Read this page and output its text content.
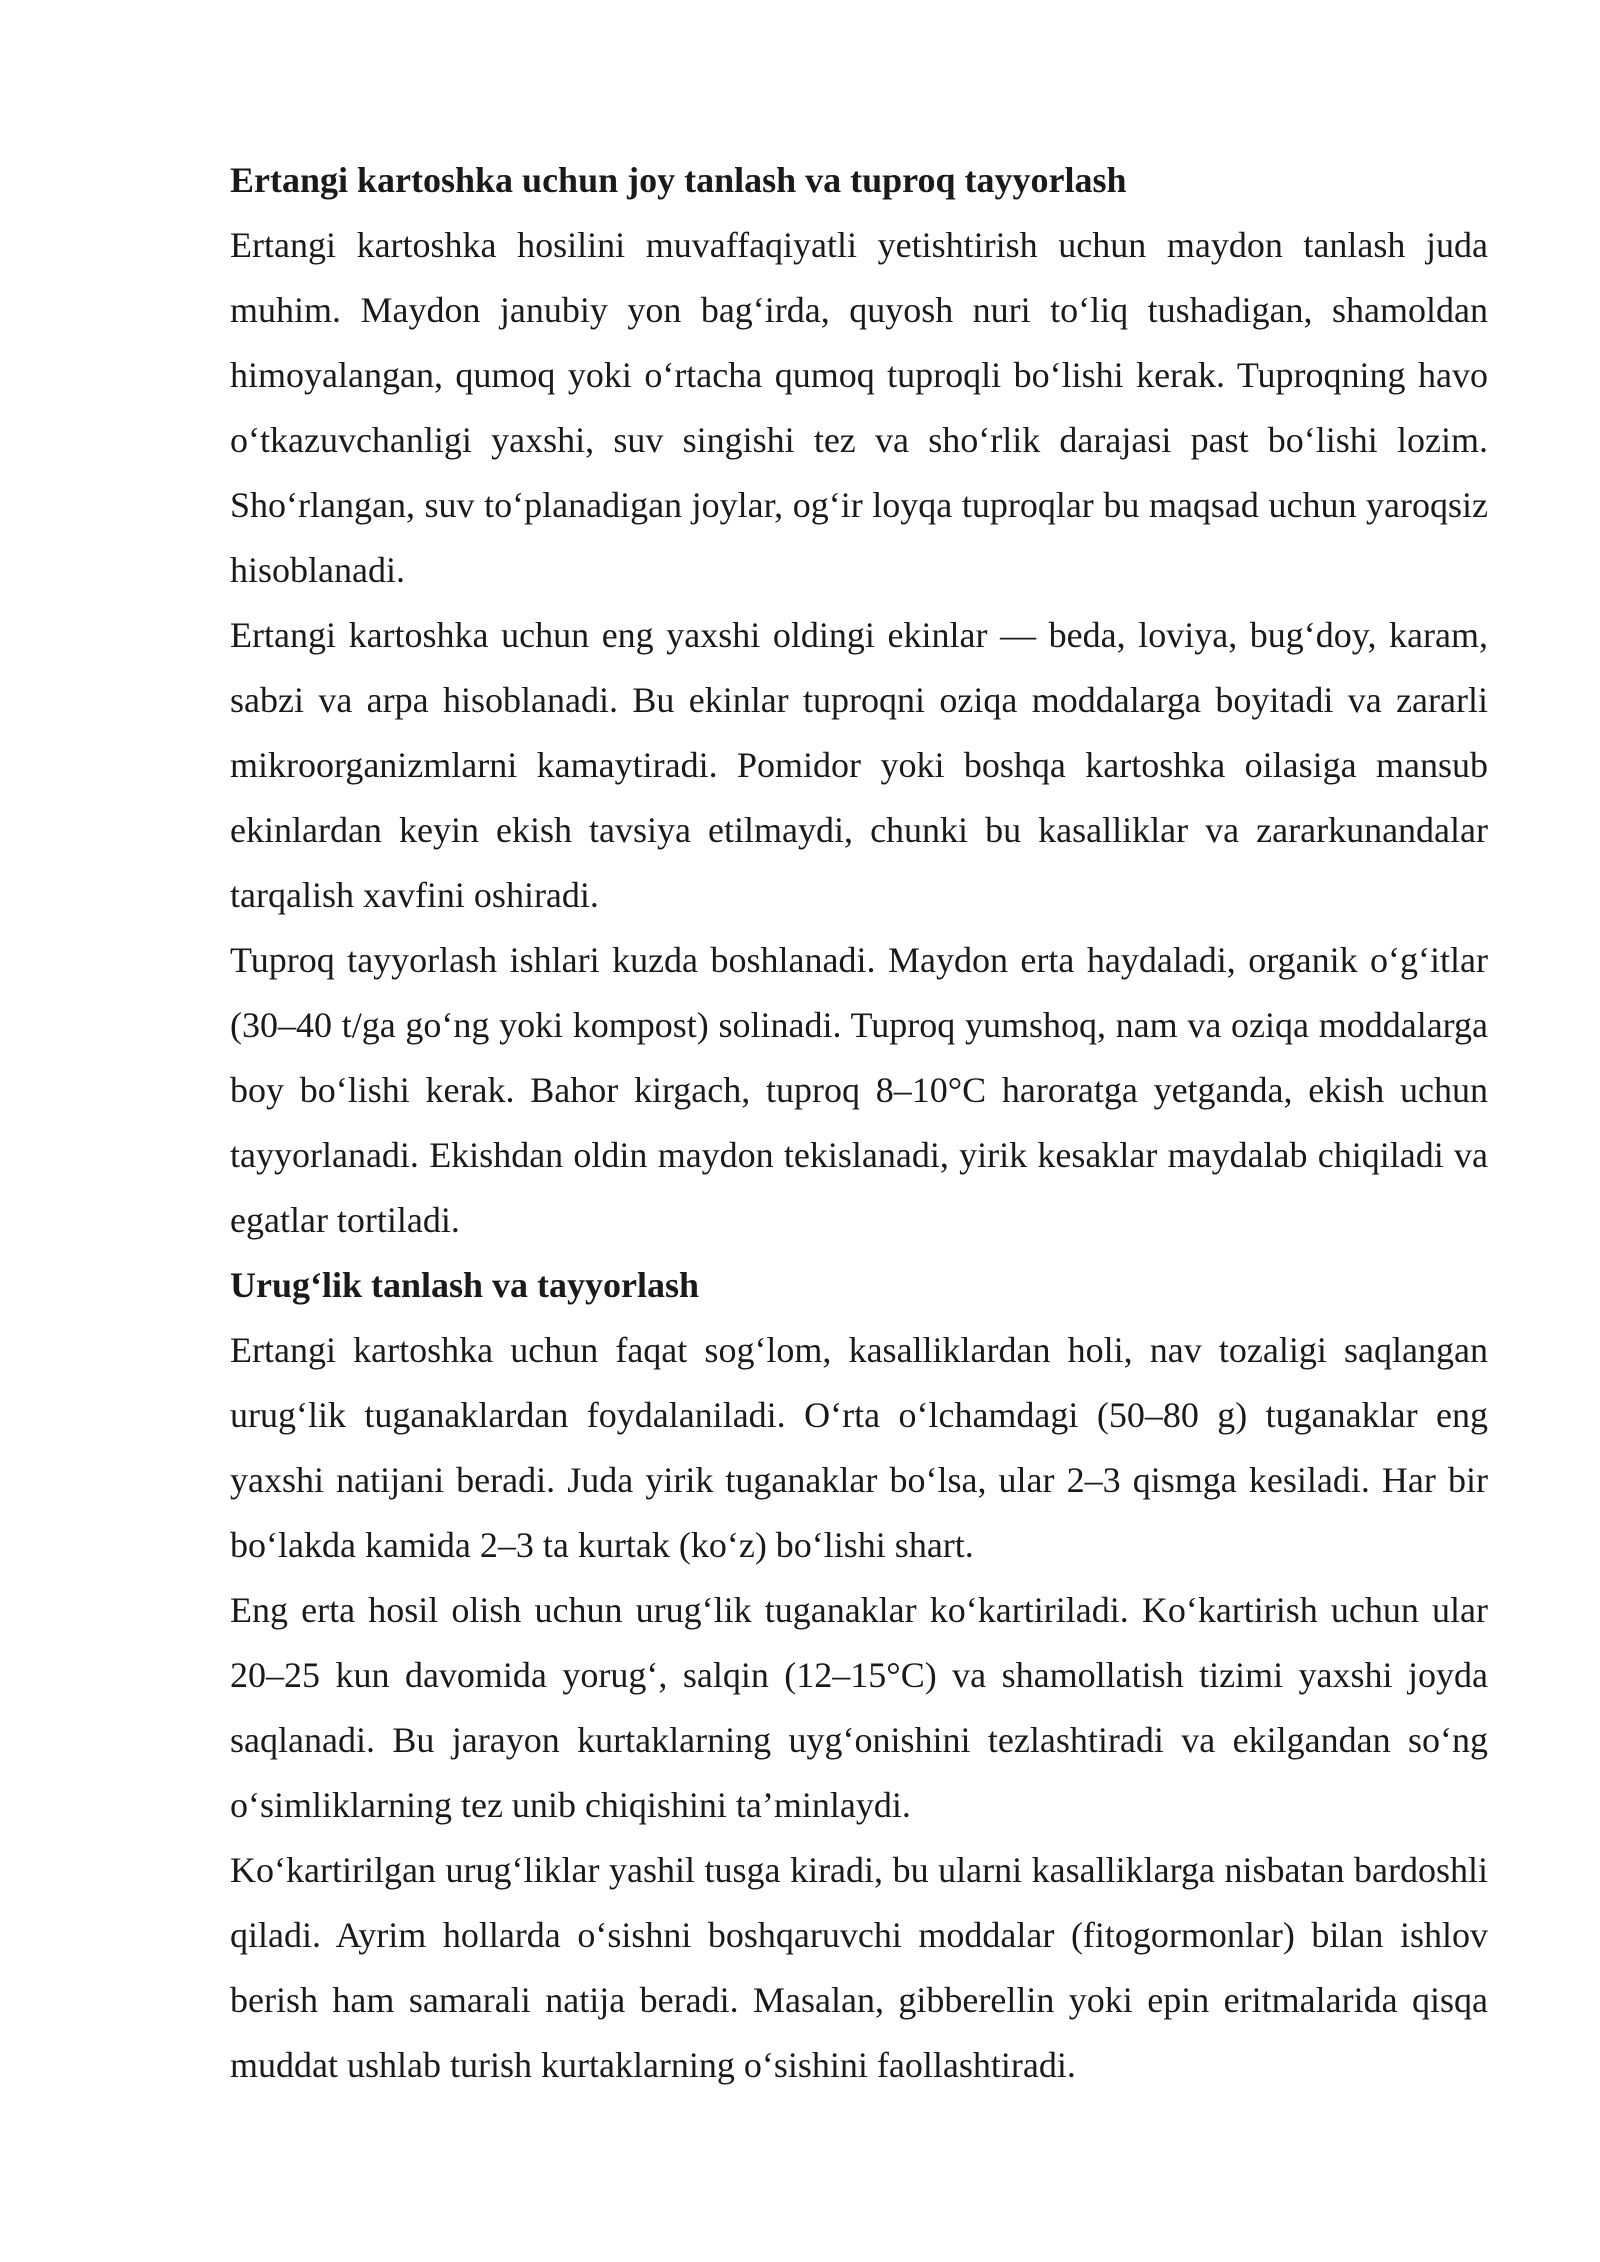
Ertangi kartoshka uchun joy tanlash va tuproq tayyorlash

Ertangi kartoshka hosilini muvaffaqiyatli yetishtirish uchun maydon tanlash juda muhim. Maydon janubiy yon bag‘irda, quyosh nuri to‘liq tushadigan, shamoldan himoyalangan, qumoq yoki o‘rtacha qumoq tuproqli bo‘lishi kerak. Tuproqning havo o‘tkazuvchanligi yaxshi, suv singishi tez va sho‘rlik darajasi past bo‘lishi lozim. Sho‘rlangan, suv to‘planadigan joylar, og‘ir loyqa tuproqlar bu maqsad uchun yaroqsiz hisoblanadi.

Ertangi kartoshka uchun eng yaxshi oldingi ekinlar — beda, loviya, bug‘doy, karam, sabzi va arpa hisoblanadi. Bu ekinlar tuproqni oziqa moddalarga boyitadi va zararli mikroorganizmlarni kamaytiradi. Pomidor yoki boshqa kartoshka oilasiga mansub ekinlardan keyin ekish tavsiya etilmaydi, chunki bu kasalliklar va zararkunandalar tarqalish xavfini oshiradi.

Tuproq tayyorlash ishlari kuzda boshlanadi. Maydon erta haydaladi, organik o‘g‘itlar (30–40 t/ga go‘ng yoki kompost) solinadi. Tuproq yumshoq, nam va oziqa moddalarga boy bo‘lishi kerak. Bahor kirgach, tuproq 8–10°C haroratga yetganda, ekish uchun tayyorlanadi. Ekishdan oldin maydon tekislanadi, yirik kesaklar maydalab chiqiladi va egatlar tortiladi.

Urug‘lik tanlash va tayyorlash

Ertangi kartoshka uchun faqat sog‘lom, kasalliklardan holi, nav tozaligi saqlangan urug‘lik tuganaklardan foydalaniladi. O‘rta o‘lchamdagi (50–80 g) tuganaklar eng yaxshi natijani beradi. Juda yirik tuganaklar bo‘lsa, ular 2–3 qismga kesiladi. Har bir bo‘lakda kamida 2–3 ta kurtak (ko‘z) bo‘lishi shart.

Eng erta hosil olish uchun urug‘lik tuganaklar ko‘kartiriladi. Ko‘kartirish uchun ular 20–25 kun davomida yorug‘, salqin (12–15°C) va shamollatish tizimi yaxshi joyda saqlanadi. Bu jarayon kurtaklarning uyg‘onishini tezlashtiradi va ekilgandan so‘ng o‘simliklarning tez unib chiqishini ta’minlaydi.

Ko‘kartirilgan urug‘liklar yashil tusga kiradi, bu ularni kasalliklarga nisbatan bardoshli qiladi. Ayrim hollarda o‘sishni boshqaruvchi moddalar (fitogormonlar) bilan ishlov berish ham samarali natija beradi. Masalan, gibberellin yoki epin eritmalarida qisqa muddat ushlab turish kurtaklarning o‘sishini faollashtiradi.
